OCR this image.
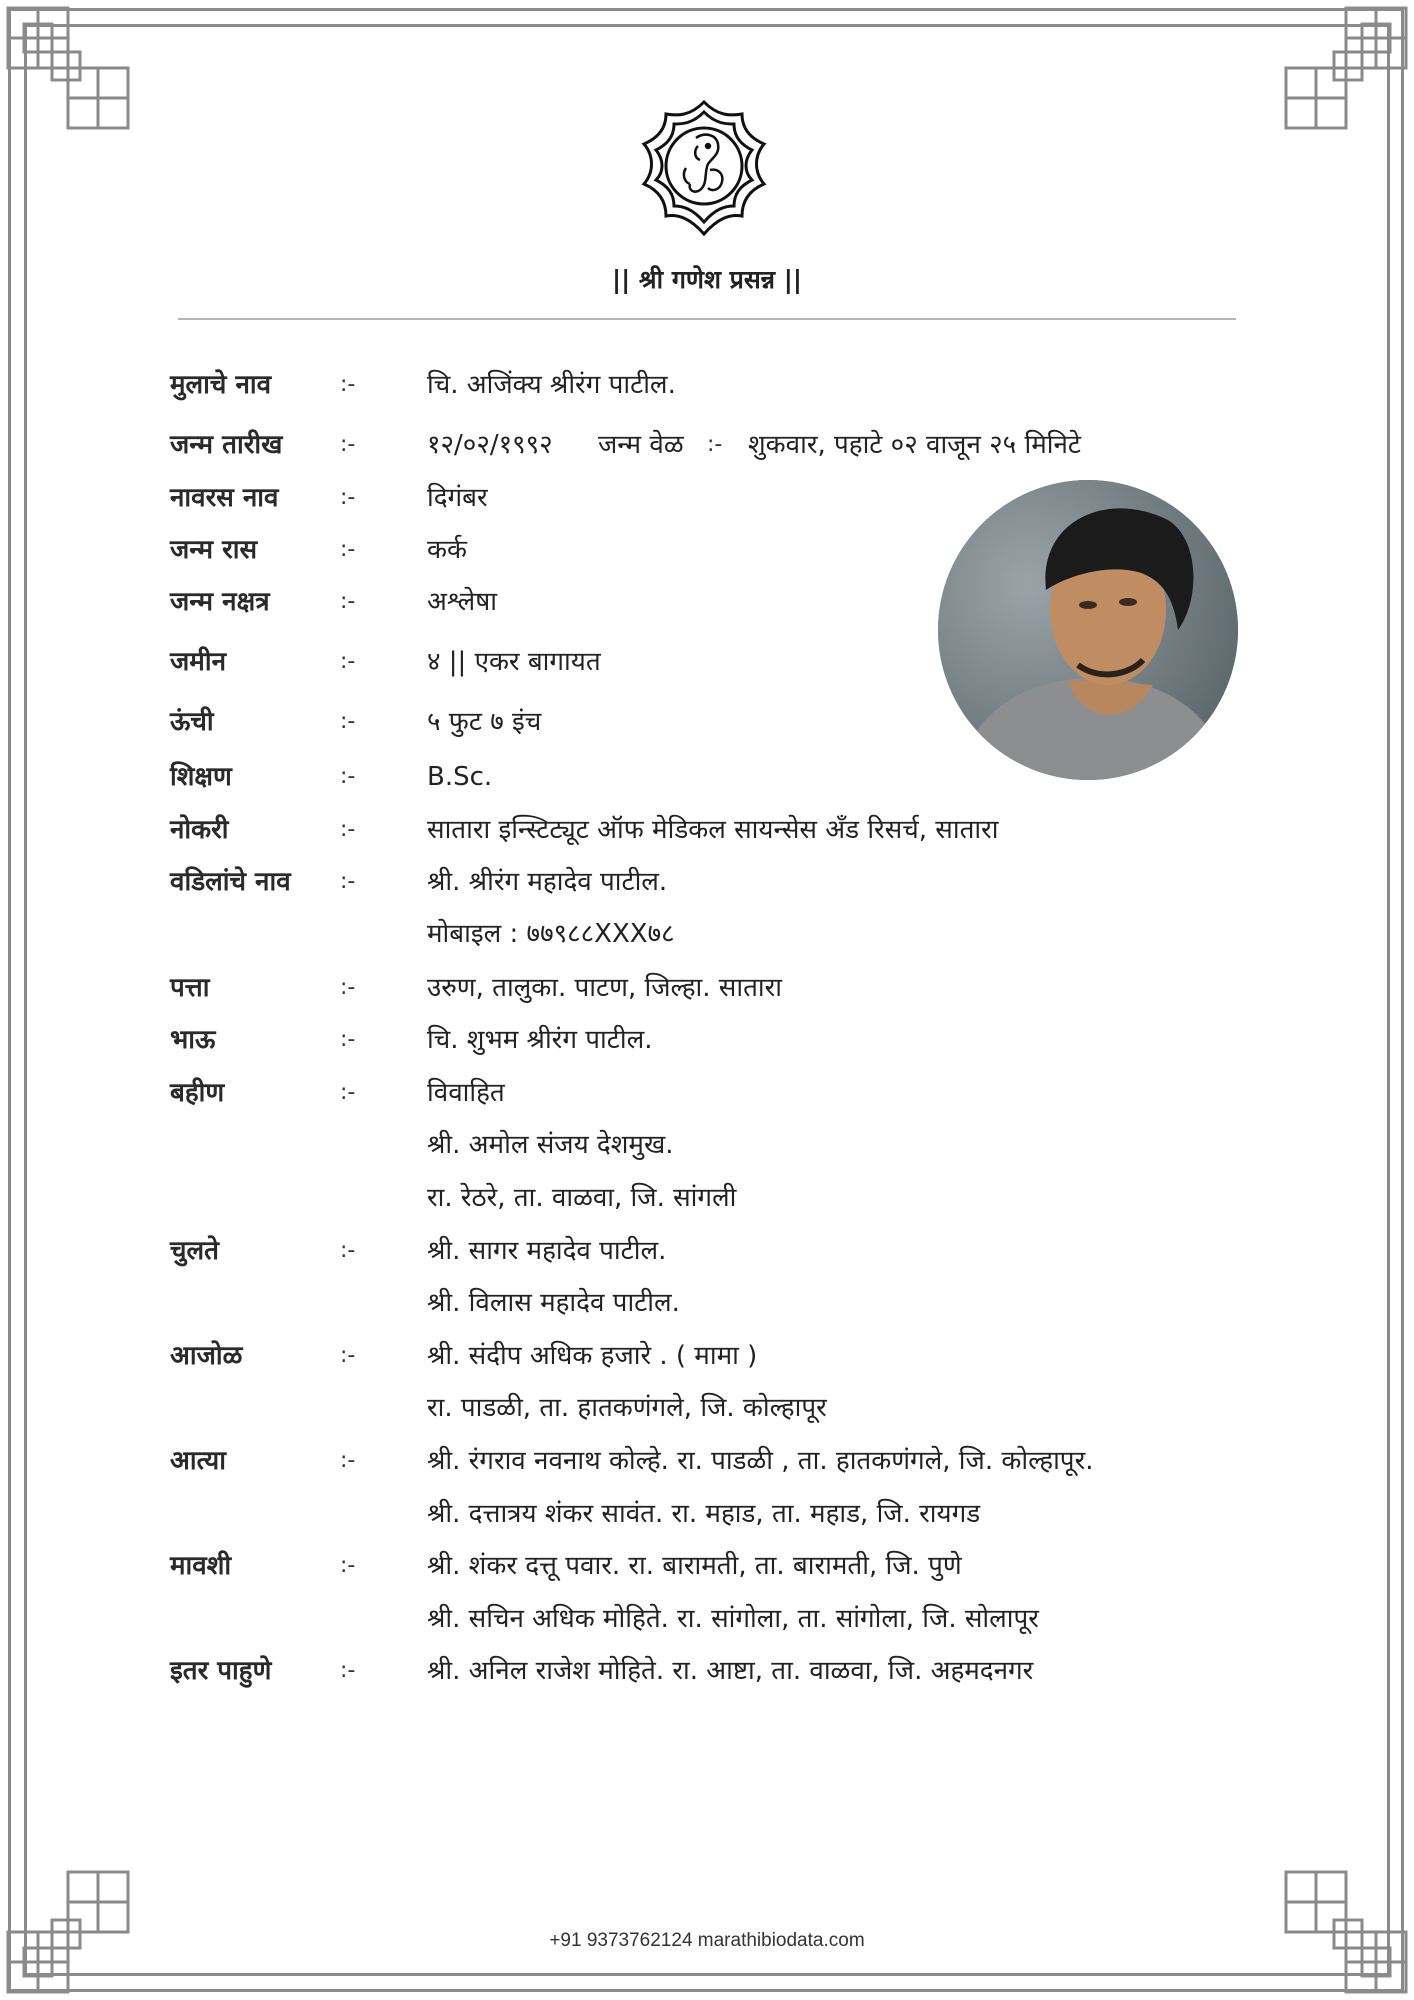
|| श्री गणेश प्रसन्न ||
मुलाचे नाव	:-	चि. अजिंक्य श्रीरंग पाटील.
जन्म तारीख	:-	१२/०२/१९९२ जन्म वेळ :- शुकवार, पहाटे ०२ वाजून २५ मिनिटे
नावरस नाव	:-	दिगंबर
जन्म रास	:-	कर्क
जन्म नक्षत्र	:-	अश्लेषा
जमीन	:-	४ || एकर बागायत
ऊंची	:-	५ फुट ७ इंच
शिक्षण	:-	B.Sc.
नोकरी	:-	सातारा इन्स्टिट्यूट ऑफ मेडिकल सायन्सेस अँड रिसर्च, सातारा
वडिलांचे नाव :-	श्री. श्रीरंग महादेव पाटील.
मोबाइल : ७७९८८XXX७८
पत्ता	:-	उरुण, तालुका. पाटण, जिल्हा. सातारा
भाऊ	:-	चि. शुभम श्रीरंग पाटील.
बहीण	:-	विवाहित
श्री. अमोल संजय देशमुख.
रा. रेठरे, ता. वाळवा, जि. सांगली
चुलते	:-	श्री. सागर महादेव पाटील.
श्री. विलास महादेव पाटील.
आजोळ	:-	श्री. संदीप अधिक हजारे . ( मामा )
रा. पाडळी, ता. हातकणंगले, जि. कोल्हापूर
आत्या	:-	श्री. रंगराव नवनाथ कोल्हे. रा. पाडळी , ता. हातकणंगले, जि. कोल्हापूर.
श्री. दत्तात्रय शंकर सावंत. रा. महाड, ता. महाड, जि. रायगड
मावशी	:-	श्री. शंकर दत्तू पवार. रा. बारामती, ता. बारामती, जि. पुणे
श्री. सचिन अधिक मोहिते. रा. सांगोला, ता. सांगोला, जि. सोलापूर
इतर पाहुणे	:-	श्री. अनिल राजेश मोहिते. रा. आष्टा, ता. वाळवा, जि. अहमदनगर
+91 9373762124 marathibiodata.com
